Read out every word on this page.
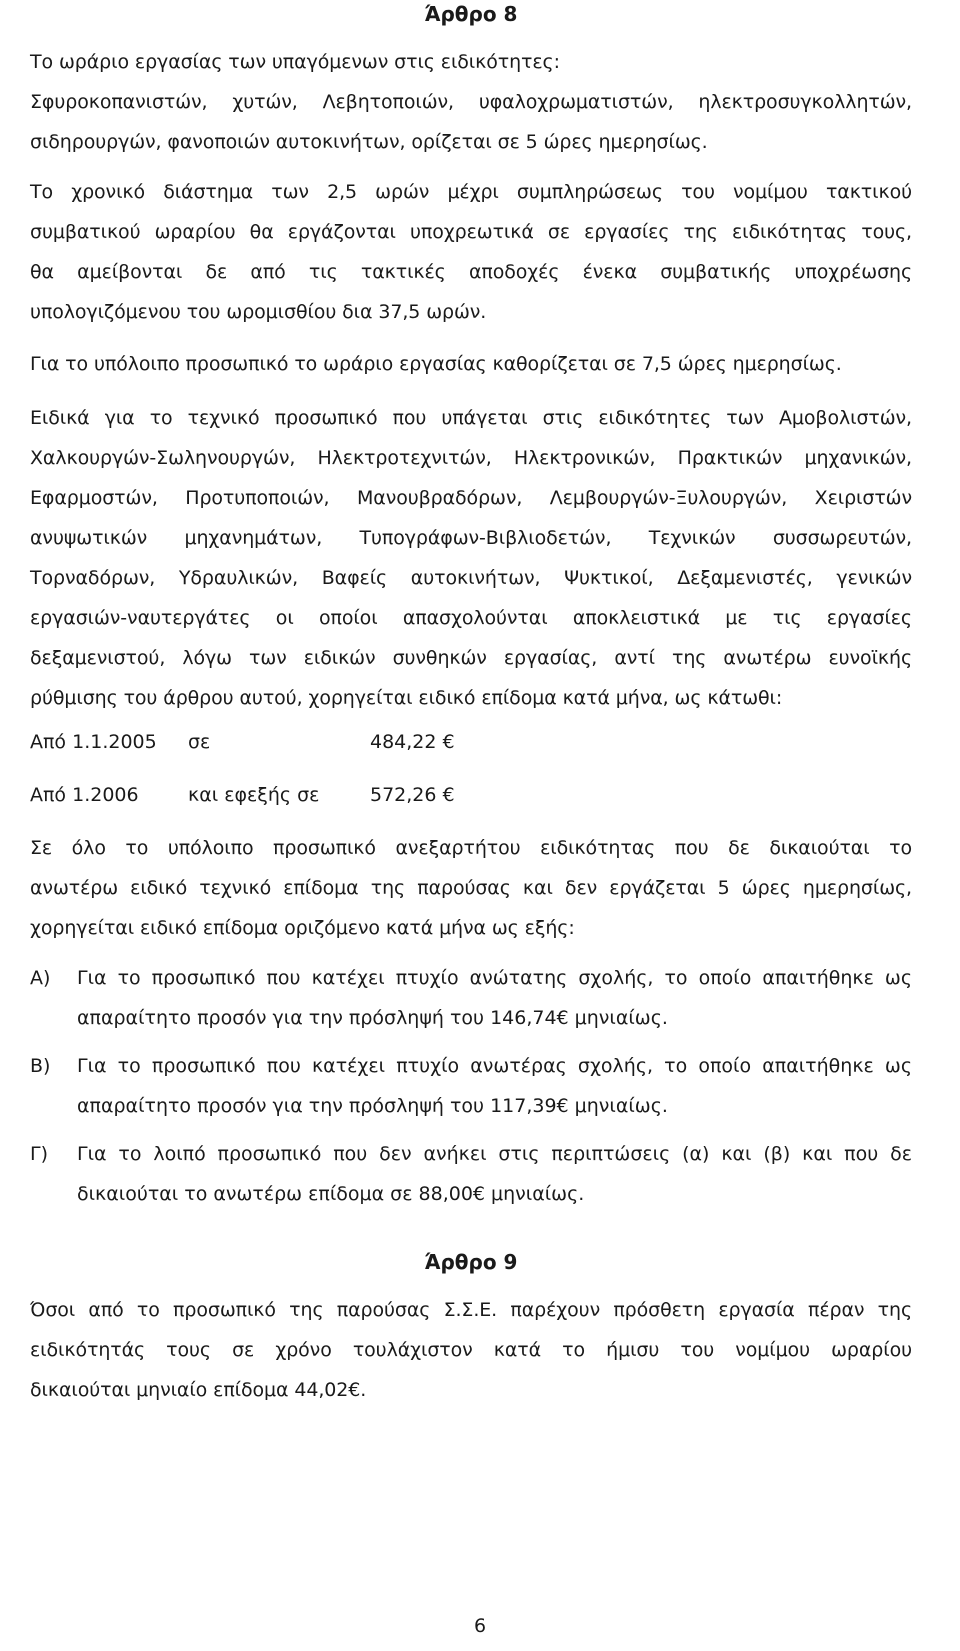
Άρθρο 8
Το ωράριο εργασίας των υπαγόμενων στις ειδικότητες:
Σφυροκοπανιστών, χυτών, Λεβητοποιών, υφαλοχρωματιστών, ηλεκτροσυγκολλητών,
σιδηρουργών, φανοποιών αυτοκινήτων, ορίζεται σε 5 ώρες ημερησίως.
Το χρονικό διάστημα των 2,5 ωρών μέχρι συμπληρώσεως του νομίμου τακτικού
συμβατικού ωραρίου θα εργάζονται υποχρεωτικά σε εργασίες της ειδικότητας τους,
θα αμείβονται δε από τις τακτικές αποδοχές ένεκα συμβατικής υποχρέωσης
υπολογιζόμενου του ωρομισθίου δια 37,5 ωρών.
Για το υπόλοιπο προσωπικό το ωράριο εργασίας καθορίζεται σε 7,5 ώρες ημερησίως.
Ειδικά για το τεχνικό προσωπικό που υπάγεται στις ειδικότητες των Αμοβολιστών,
Χαλκουργών-Σωληνουργών, Ηλεκτροτεχνιτών, Ηλεκτρονικών, Πρακτικών μηχανικών,
Εφαρμοστών, Προτυποποιών, Μανουβραδόρων, Λεμβουργών-Ξυλουργών, Χειριστών
ανυψωτικών μηχανημάτων, Τυπογράφων-Βιβλιοδετών, Τεχνικών συσσωρευτών,
Τορναδόρων, Υδραυλικών, Βαφείς αυτοκινήτων, Ψυκτικοί, Δεξαμενιστές, γενικών
εργασιών-ναυτεργάτες οι οποίοι απασχολούνται αποκλειστικά με τις εργασίες
δεξαμενιστού, λόγω των ειδικών συνθηκών εργασίας, αντί της ανωτέρω ευνοϊκής
ρύθμισης του άρθρου αυτού, χορηγείται ειδικό επίδομα κατά μήνα, ως κάτωθι:
Από 1.1.2005 σε	484,22 €
Από 1.2006	και εφεξής σε	572,26 €
Σε όλο το υπόλοιπο προσωπικό ανεξαρτήτου ειδικότητας που δε δικαιούται το
ανωτέρω ειδικό τεχνικό επίδομα της παρούσας και δεν εργάζεται 5 ώρες ημερησίως,
χορηγείται ειδικό επίδομα οριζόμενο κατά μήνα ως εξής:
Α) Για το προσωπικό που κατέχει πτυχίο ανώτατης σχολής, το οποίο απαιτήθηκε ως
απαραίτητο προσόν για την πρόσληψή του 146,74€ μηνιαίως.
Β) Για το προσωπικό που κατέχει πτυχίο ανωτέρας σχολής, το οποίο απαιτήθηκε ως
απαραίτητο προσόν για την πρόσληψή του 117,39€ μηνιαίως.
Γ) Για το λοιπό προσωπικό που δεν ανήκει στις περιπτώσεις (α) και (β) και που δε
δικαιούται το ανωτέρω επίδομα σε 88,00€ μηνιαίως.
Άρθρο 9
Όσοι από το προσωπικό της παρούσας Σ.Σ.Ε. παρέχουν πρόσθετη εργασία πέραν της
ειδικότητάς τους σε χρόνο τουλάχιστον κατά το ήμισυ του νομίμου ωραρίου
δικαιούται μηνιαίο επίδομα 44,02€.
6
